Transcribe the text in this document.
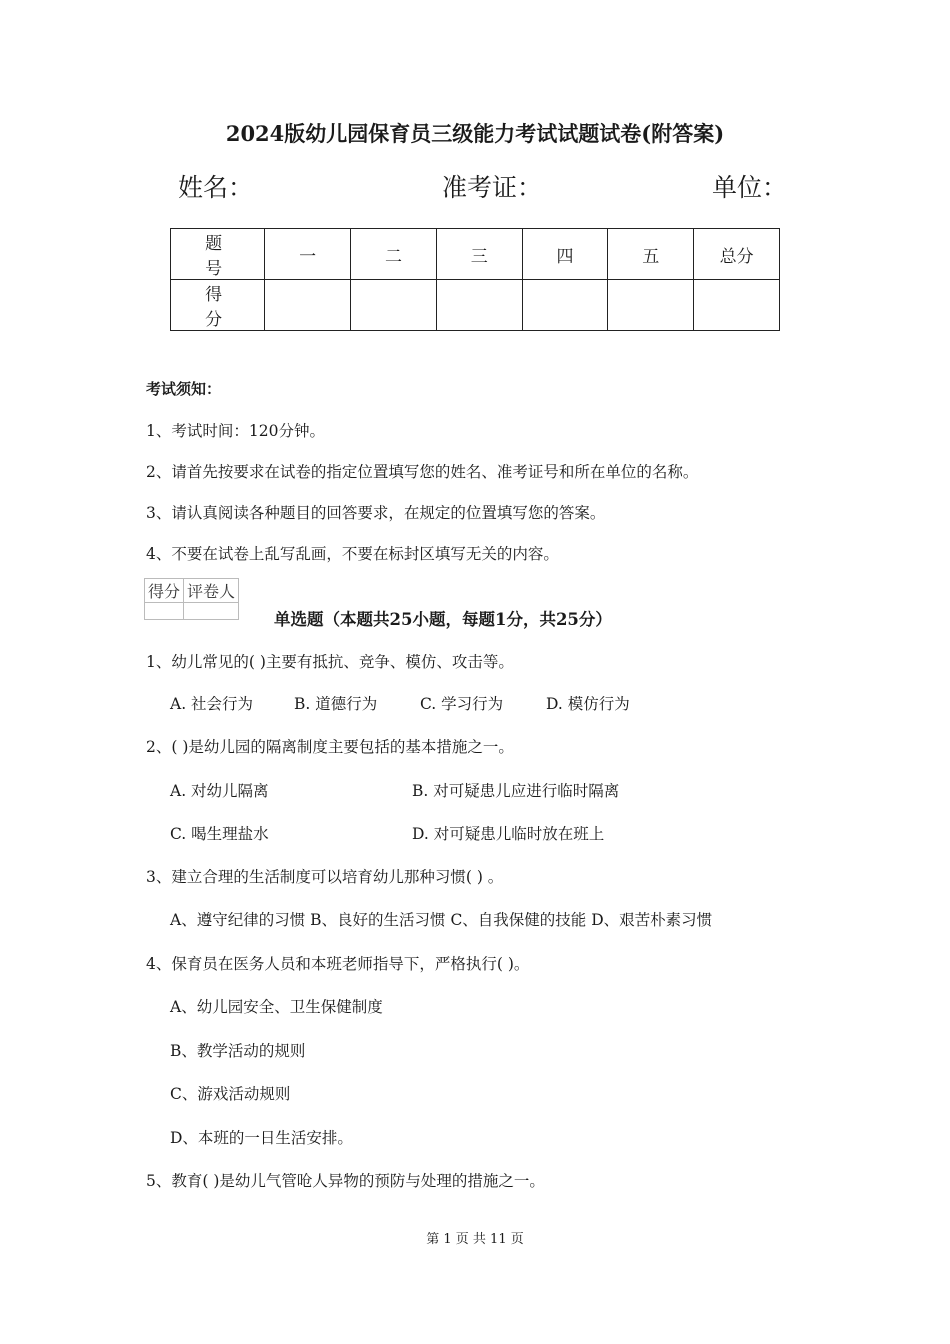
2024版幼儿园保育员三级能力考试试题试卷(附答案)
姓名：	准考证：	单位：
题 号	一	二	三	四	五	总分
得 分						
考试须知：
1、考试时间：120分钟。
2、请首先按要求在试卷的指定位置填写您的姓名、准考证号和所在单位的名称。
3、请认真阅读各种题目的回答要求，在规定的位置填写您的答案。
4、不要在试卷上乱写乱画，不要在标封区填写无关的内容。
得分	评卷人

单选题（本题共25小题，每题1分，共25分）
1、幼儿常见的( )主要有抵抗、竞争、模仿、攻击等。
A. 社会行为	B. 道德行为	C. 学习行为	D. 模仿行为
2、( )是幼儿园的隔离制度主要包括的基本措施之一。
A. 对幼儿隔离	B. 对可疑患儿应进行临时隔离
C. 喝生理盐水	D. 对可疑患儿临时放在班上
3、建立合理的生活制度可以培育幼儿那种习惯( ) 。
A、遵守纪律的习惯 B、良好的生活习惯 C、自我保健的技能 D、艰苦朴素习惯
4、保育员在医务人员和本班老师指导下，严格执行( )。
A、幼儿园安全、卫生保健制度
B、教学活动的规则
C、游戏活动规则
D、本班的一日生活安排。
5、教育( )是幼儿气管呛人异物的预防与处理的措施之一。
第 1 页 共 11 页
